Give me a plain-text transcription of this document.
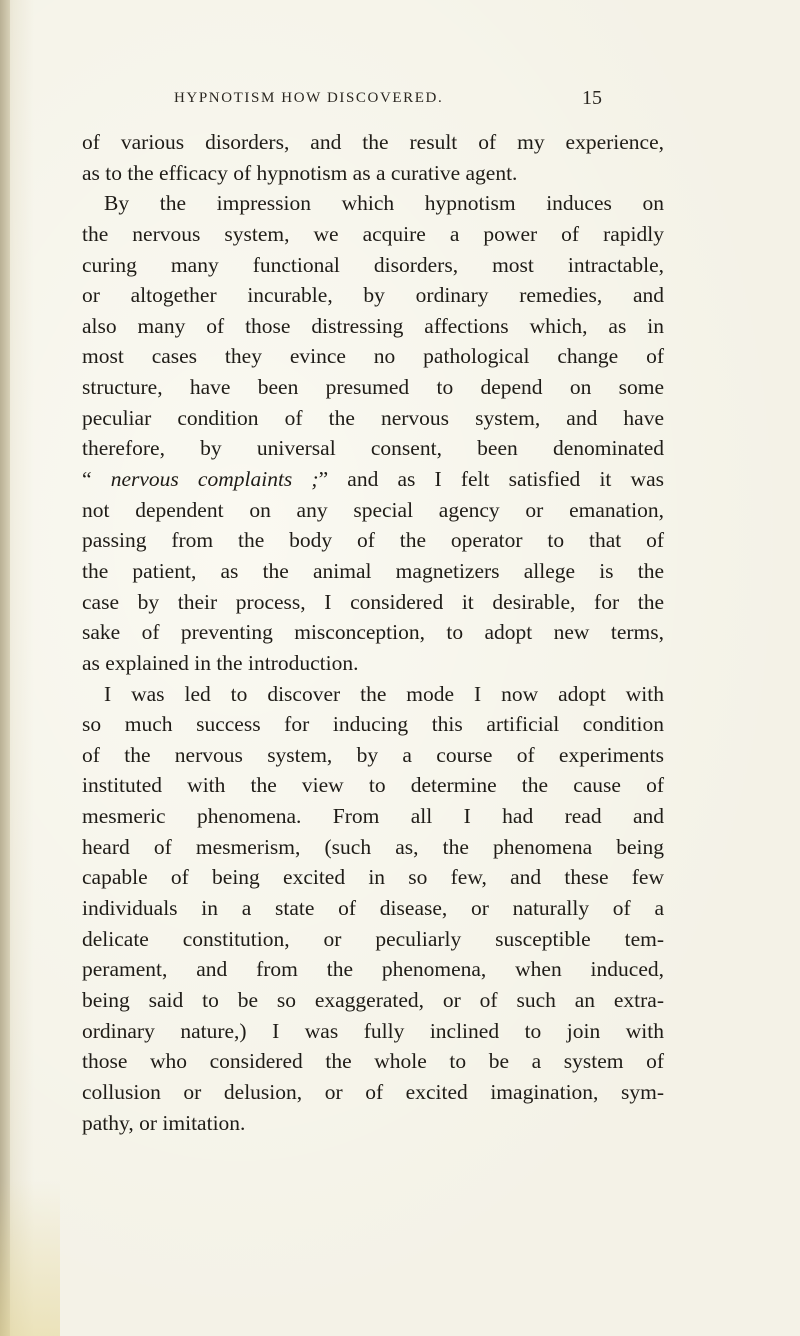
HYPNOTISM HOW DISCOVERED.	15
of various disorders, and the result of my experience,
as to the efficacy of hypnotism as a curative agent.
By the impression which hypnotism induces on
the nervous system, we acquire a power of rapidly
curing many functional disorders, most intractable,
or altogether incurable, by ordinary remedies, and
also many of those distressing affections which, as in
most cases they evince no pathological change of
structure, have been presumed to depend on some
peculiar condition of the nervous system, and have
therefore, by universal consent, been denominated
“ nervous complaints ;” and as I felt satisfied it was
not dependent on any special agency or emanation,
passing from the body of the operator to that of
the patient, as the animal magnetizers allege is the
case by their process, I considered it desirable, for the
sake of preventing misconception, to adopt new terms,
as explained in the introduction.
I was led to discover the mode I now adopt with
so much success for inducing this artificial condition
of the nervous system, by a course of experiments
instituted with the view to determine the cause of
mesmeric phenomena. From all I had read and
heard of mesmerism, (such as, the phenomena being
capable of being excited in so few, and these few
individuals in a state of disease, or naturally of a
delicate constitution, or peculiarly susceptible tem-
perament, and from the phenomena, when induced,
being said to be so exaggerated, or of such an extra-
ordinary nature,) I was fully inclined to join with
those who considered the whole to be a system of
collusion or delusion, or of excited imagination, sym-
pathy, or imitation.
